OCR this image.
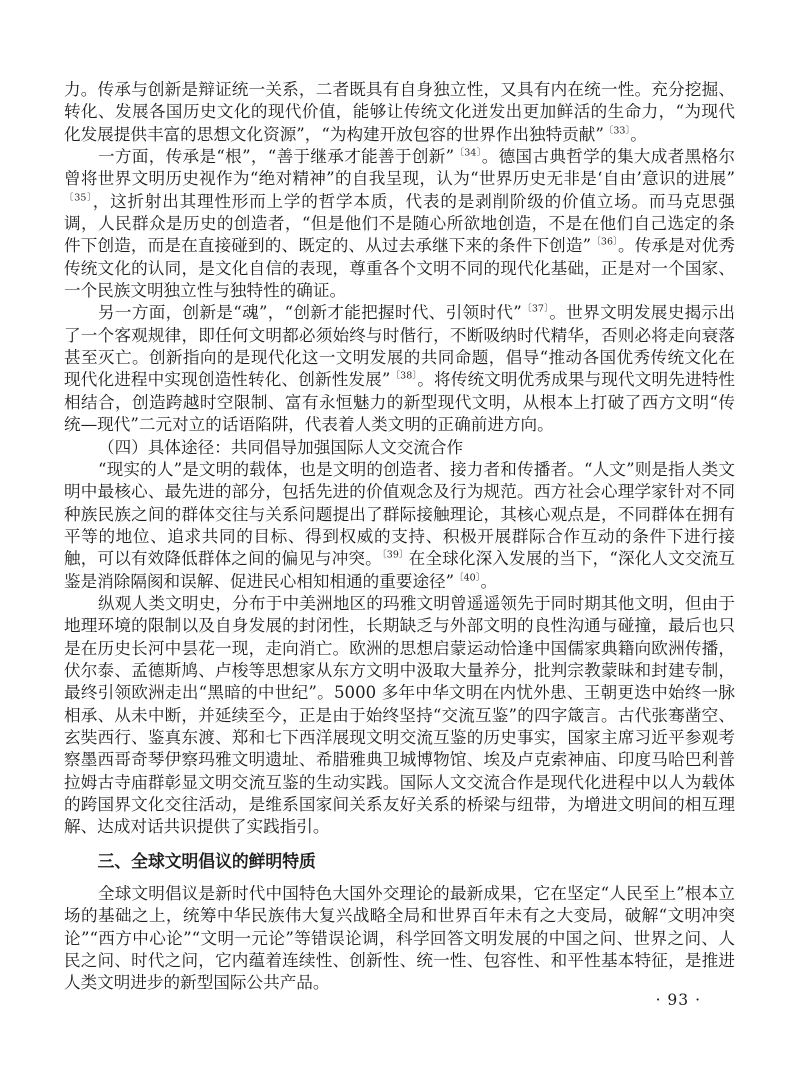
力。传承与创新是辩证统一关系，二者既具有自身独立性，又具有内在统一性。充分挖掘、转化、发展各国历史文化的现代价值，能够让传统文化迸发出更加鲜活的生命力，“为现代化发展提供丰富的思想文化资源”，“为构建开放包容的世界作出独特贡献”$^{〔33〕}$。

一方面，传承是“根”，“善于继承才能善于创新”$^{〔34〕}$。德国古典哲学的集大成者黑格尔曾将世界文明历史视作为“绝对精神”的自我呈现，认为“世界历史无非是‘自由’意识的进展”$^{〔35〕}$，这折射出其理性形而上学的哲学本质，代表的是剥削阶级的价值立场。而马克思强调，人民群众是历史的创造者，“但是他们不是随心所欲地创造，不是在他们自己选定的条件下创造，而是在直接碰到的、既定的、从过去承继下来的条件下创造”$^{〔36〕}$。传承是对优秀传统文化的认同，是文化自信的表现，尊重各个文明不同的现代化基础，正是对一个国家、一个民族文明独立性与独特性的确证。

另一方面，创新是“魂”，“创新才能把握时代、引领时代”$^{〔37〕}$。世界文明发展史揭示出了一个客观规律，即任何文明都必须始终与时偕行，不断吸纳时代精华，否则必将走向衰落甚至灭亡。创新指向的是现代化这一文明发展的共同命题，倡导“推动各国优秀传统文化在现代化进程中实现创造性转化、创新性发展”$^{〔38〕}$。将传统文明优秀成果与现代文明先进特性相结合，创造跨越时空限制、富有永恒魅力的新型现代文明，从根本上打破了西方文明“传统—现代”二元对立的话语陷阱，代表着人类文明的正确前进方向。

（四）具体途径：共同倡导加强国际人文交流合作

“现实的人”是文明的载体，也是文明的创造者、接力者和传播者。“人文”则是指人类文明中最核心、最先进的部分，包括先进的价值观念及行为规范。西方社会心理学家针对不同种族民族之间的群体交往与关系问题提出了群际接触理论，其核心观点是，不同群体在拥有平等的地位、追求共同的目标、得到权威的支持、积极开展群际合作互动的条件下进行接触，可以有效降低群体之间的偏见与冲突。$^{〔39〕}$在全球化深入发展的当下，“深化人文交流互鉴是消除隔阂和误解、促进民心相知相通的重要途径”$^{〔40〕}$。

纵观人类文明史，分布于中美洲地区的玛雅文明曾遥遥领先于同时期其他文明，但由于地理环境的限制以及自身发展的封闭性，长期缺乏与外部文明的良性沟通与碰撞，最后也只是在历史长河中昙花一现，走向消亡。欧洲的思想启蒙运动恰逢中国儒家典籍向欧洲传播，伏尔泰、孟德斯鸠、卢梭等思想家从东方文明中汲取大量养分，批判宗教蒙昧和封建专制，最终引领欧洲走出“黑暗的中世纪”。5000 多年中华文明在内忧外患、王朝更迭中始终一脉相承、从未中断，并延续至今，正是由于始终坚持“交流互鉴”的四字箴言。古代张骞凿空、玄奘西行、鉴真东渡、郑和七下西洋展现文明交流互鉴的历史事实，国家主席习近平参观考察墨西哥奇琴伊察玛雅文明遗址、希腊雅典卫城博物馆、埃及卢克索神庙、印度马哈巴利普拉姆古寺庙群彰显文明交流互鉴的生动实践。国际人文交流合作是现代化进程中以人为载体的跨国界文化交往活动，是维系国家间关系友好关系的桥梁与纽带，为增进文明间的相互理解、达成对话共识提供了实践指引。

三、全球文明倡议的鲜明特质

全球文明倡议是新时代中国特色大国外交理论的最新成果，它在坚定“人民至上”根本立场的基础之上，统筹中华民族伟大复兴战略全局和世界百年未有之大变局，破解“文明冲突论”“西方中心论”“文明一元论”等错误论调，科学回答文明发展的中国之问、世界之问、人民之问、时代之问，它内蕴着连续性、创新性、统一性、包容性、和平性基本特征，是推进人类文明进步的新型国际公共产品。

· 93 ·
